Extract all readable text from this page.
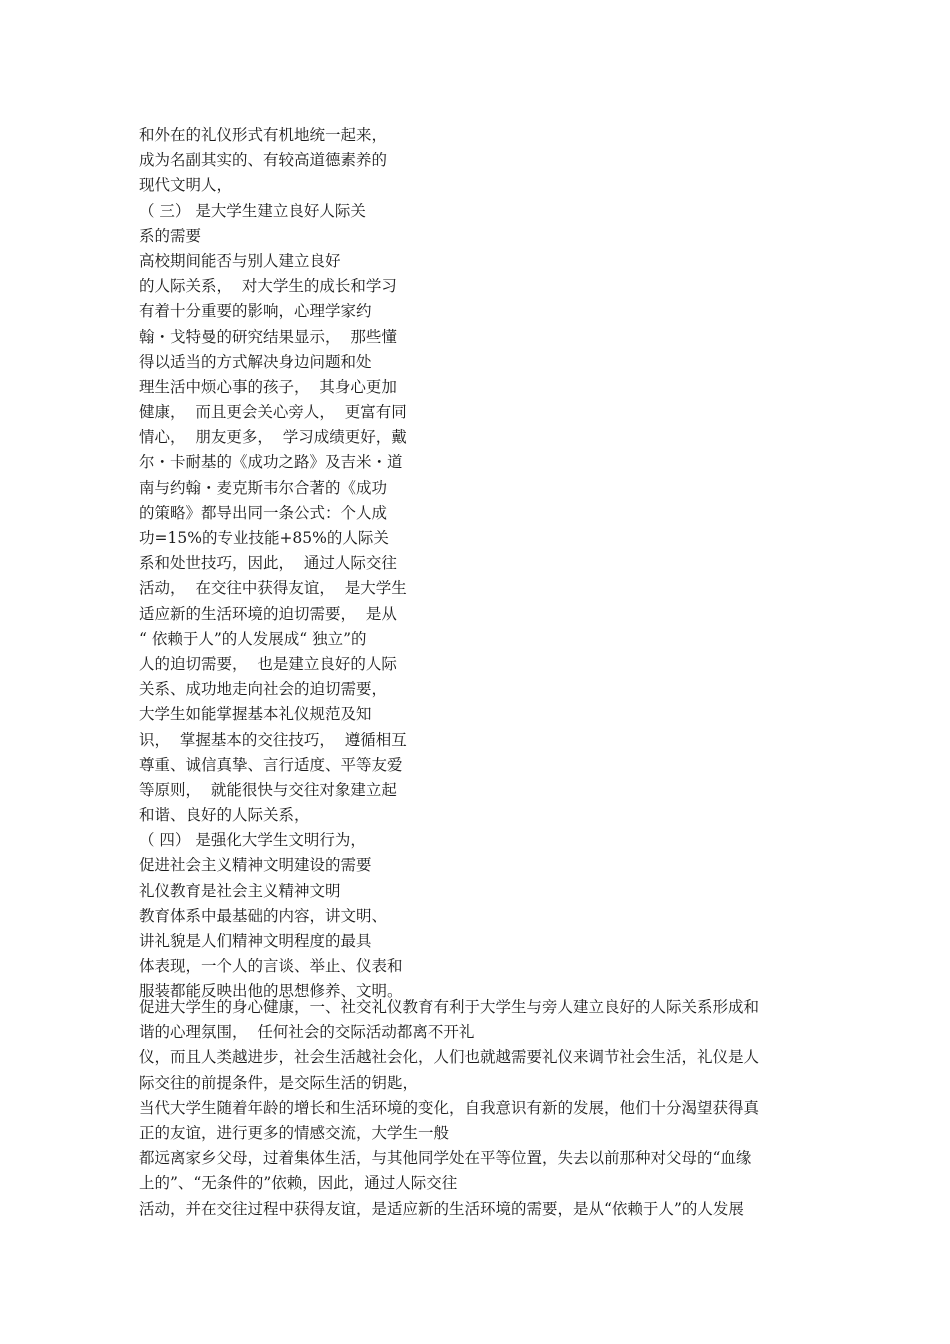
和外在的礼仪形式有机地统一起来，
成为名副其实的、有较高道德素养的
现代文明人，
（ 三） 是大学生建立良好人际关
系的需要
高校期间能否与别人建立良好
的人际关系，  对大学生的成长和学习
有着十分重要的影响，心理学家约
翰・戈特曼的研究结果显示，  那些懂
得以适当的方式解决身边问题和处
理生活中烦心事的孩子，  其身心更加
健康，  而且更会关心旁人，  更富有同
情心，  朋友更多，  学习成绩更好，戴
尔・卡耐基的《成功之路》及吉米・道
南与约翰・麦克斯韦尔合著的《成功
的策略》都导出同一条公式：个人成
功=15%的专业技能+85%的人际关
系和处世技巧，因此，  通过人际交往
活动，  在交往中获得友谊，  是大学生
适应新的生活环境的迫切需要，  是从
“ 依赖于人”的人发展成“ 独立”的
人的迫切需要，  也是建立良好的人际
关系、成功地走向社会的迫切需要，
大学生如能掌握基本礼仪规范及知
识，  掌握基本的交往技巧，  遵循相互
尊重、诚信真挚、言行适度、平等友爱
等原则，  就能很快与交往对象建立起
和谐、良好的人际关系，
（ 四） 是强化大学生文明行为，
促进社会主义精神文明建设的需要
礼仪教育是社会主义精神文明
教育体系中最基础的内容，讲文明、
讲礼貌是人们精神文明程度的最具
体表现，一个人的言谈、举止、仪表和
服装都能反映出他的思想修养、文明。
促进大学生的身心健康，一、社交礼仪教育有利于大学生与旁人建立良好的人际关系形成和
谐的心理氛围，  任何社会的交际活动都离不开礼
仪，而且人类越进步，社会生活越社会化，人们也就越需要礼仪来调节社会生活，礼仪是人
际交往的前提条件，是交际生活的钥匙，
当代大学生随着年龄的增长和生活环境的变化，自我意识有新的发展，他们十分渴望获得真
正的友谊，进行更多的情感交流，大学生一般
都远离家乡父母，过着集体生活，与其他同学处在平等位置，失去以前那种对父母的“血缘
上的”、“无条件的”依赖，因此，通过人际交往
活动，并在交往过程中获得友谊，是适应新的生活环境的需要，是从“依赖于人”的人发展
